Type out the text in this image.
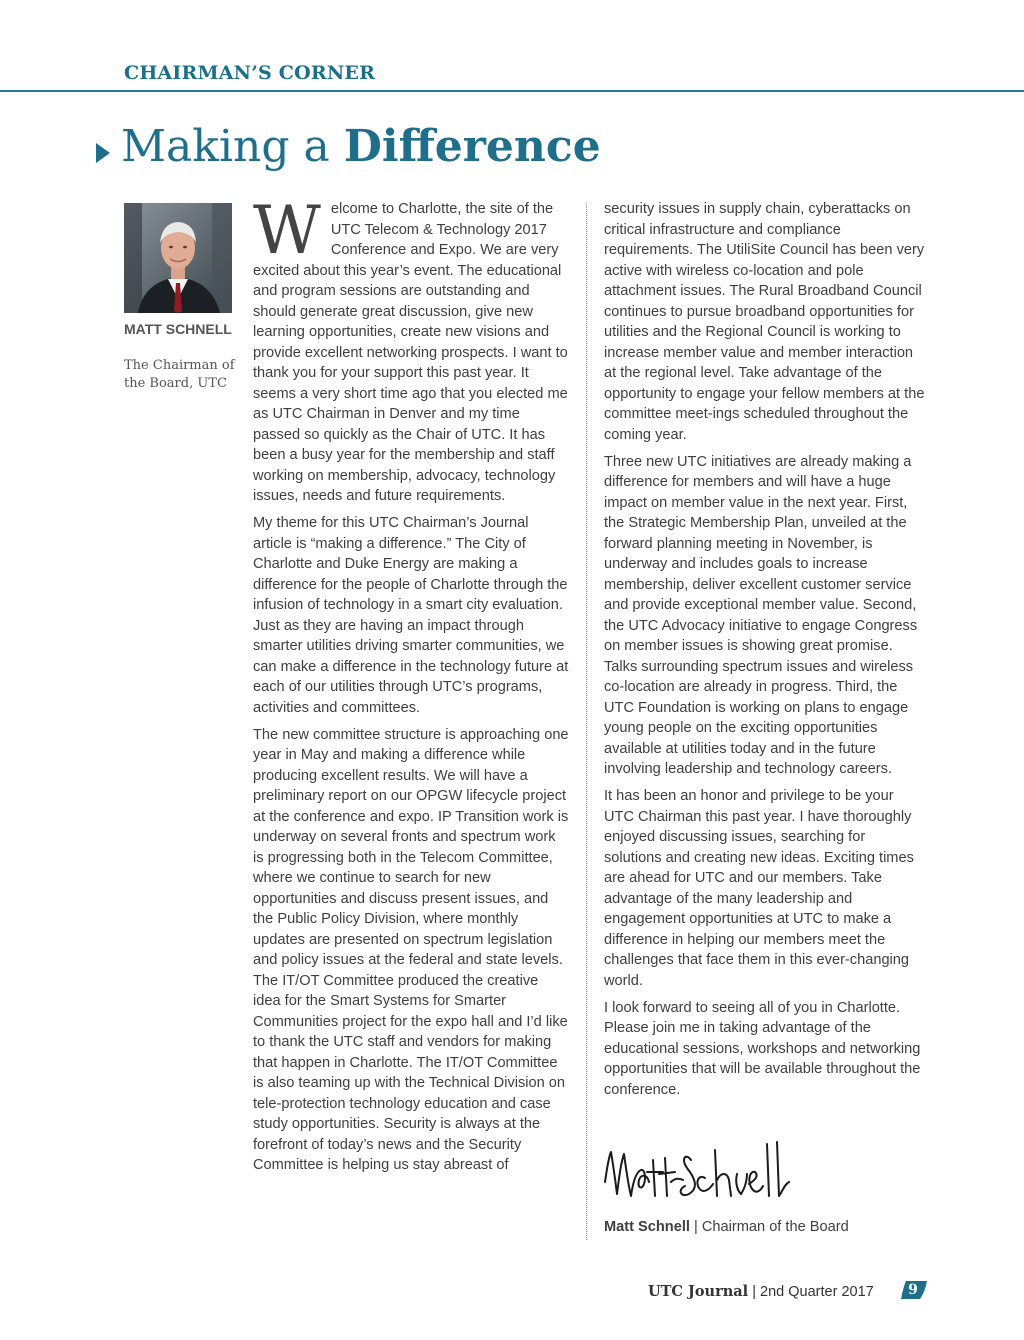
CHAIRMAN’S CORNER
Making a Difference
MATT SCHNELL
The Chairman of the Board, UTC

Welcome to Charlotte, the site of the UTC Telecom & Technology 2017 Conference and Expo. We are very excited about this year’s event. The educational and program sessions are outstanding and should generate great discussion, give new learning opportunities, create new visions and provide excellent networking prospects. I want to thank you for your support this past year. It seems a very short time ago that you elected me as UTC Chairman in Denver and my time passed so quickly as the Chair of UTC. It has been a busy year for the membership and staff working on membership, advocacy, technology issues, needs and future requirements.

My theme for this UTC Chairman’s Journal article is “making a difference.” The City of Charlotte and Duke Energy are making a difference for the people of Charlotte through the infusion of technology in a smart city evaluation. Just as they are having an impact through smarter utilities driving smarter communities, we can make a difference in the technology future at each of our utilities through UTC’s programs, activities and committees.

The new committee structure is approaching one year in May and making a difference while producing excellent results. We will have a preliminary report on our OPGW lifecycle project at the conference and expo. IP Transition work is underway on several fronts and spectrum work is progressing both in the Telecom Committee, where we continue to search for new opportunities and discuss present issues, and the Public Policy Division, where monthly updates are presented on spectrum legislation and policy issues at the federal and state levels. The IT/OT Committee produced the creative idea for the Smart Systems for Smarter Communities project for the expo hall and I’d like to thank the UTC staff and vendors for making that happen in Charlotte. The IT/OT Committee is also teaming up with the Technical Division on tele-protection technology education and case study opportunities. Security is always at the forefront of today’s news and the Security Committee is helping us stay abreast of

security issues in supply chain, cyberattacks on critical infrastructure and compliance requirements. The UtiliSite Council has been very active with wireless co-location and pole attachment issues. The Rural Broadband Council continues to pursue broadband opportunities for utilities and the Regional Council is working to increase member value and member interaction at the regional level. Take advantage of the opportunity to engage your fellow members at the committee meet-ings scheduled throughout the coming year.

Three new UTC initiatives are already making a difference for members and will have a huge impact on member value in the next year. First, the Strategic Membership Plan, unveiled at the forward planning meeting in November, is underway and includes goals to increase membership, deliver excellent customer service and provide exceptional member value. Second, the UTC Advocacy initiative to engage Congress on member issues is showing great promise. Talks surrounding spectrum issues and wireless co-location are already in progress. Third, the UTC Foundation is working on plans to engage young people on the exciting opportunities available at utilities today and in the future involving leadership and technology careers.

It has been an honor and privilege to be your UTC Chairman this past year. I have thoroughly enjoyed discussing issues, searching for solutions and creating new ideas. Exciting times are ahead for UTC and our members. Take advantage of the many leadership and engagement opportunities at UTC to make a difference in helping our members meet the challenges that face them in this ever-changing world.

I look forward to seeing all of you in Charlotte. Please join me in taking advantage of the educational sessions, workshops and networking opportunities that will be available throughout the conference.

Matt Schnell | Chairman of the Board
UTC Journal | 2nd Quarter 2017	9
